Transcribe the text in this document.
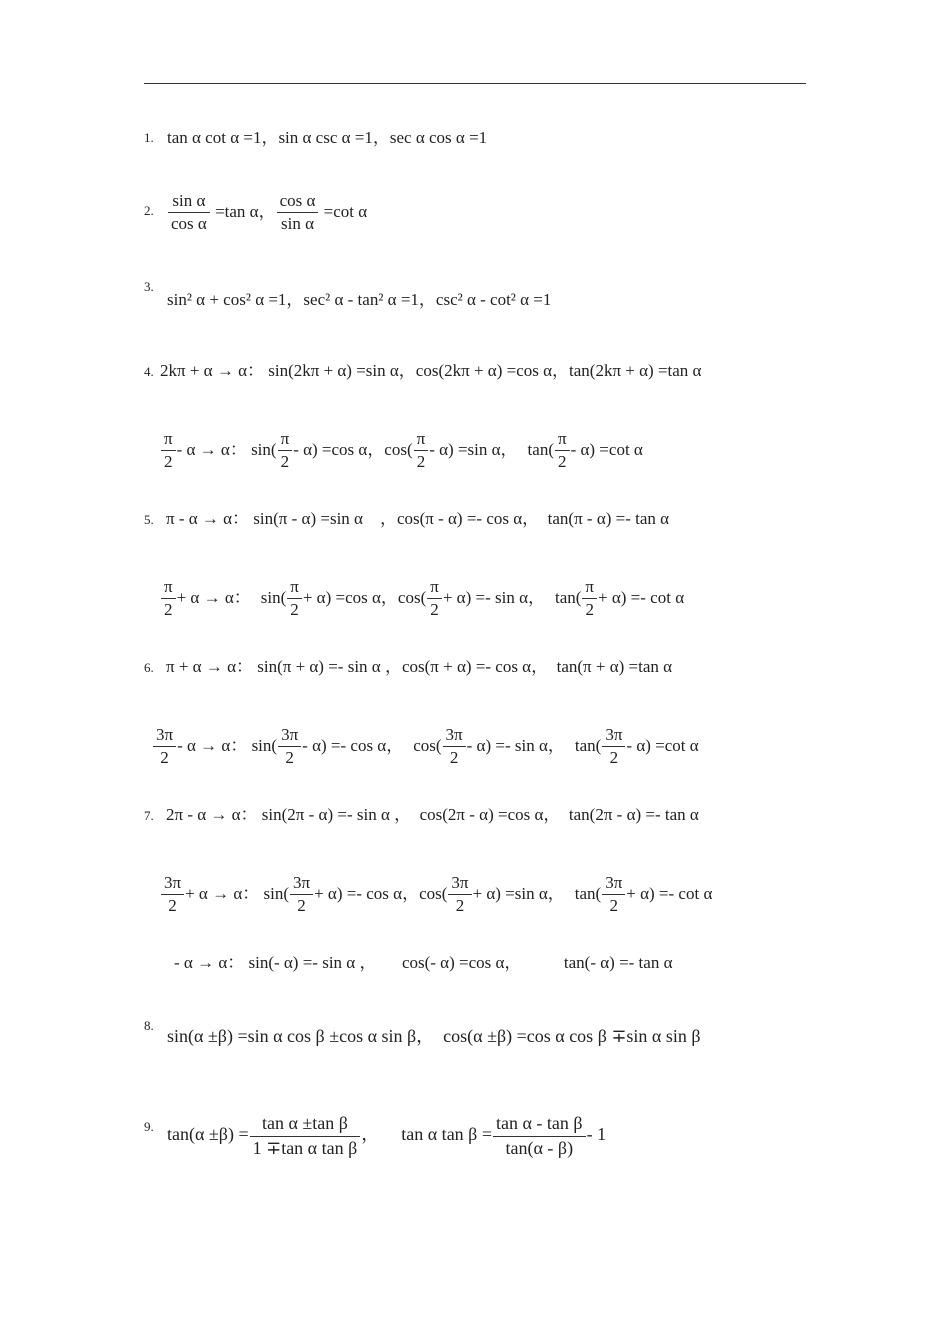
1. tan α cot α =1，sin α csc α =1，sec α cos α =1
2. $\frac{\text{sin α}}{\text{cos α}} =\tan$ α， $\frac{\text{cos α}}{\text{sin α}} =\cot$ α
3.
sin² α + cos² α =1，sec² α - tan² α =1，csc² α - cot² α =1
4. 2kπ + α → α： sin(2kπ + α) =sin α，cos(2kπ + α) =cos α，tan(2kπ + α) =tan α
$\frac{\pi}{2} - \alpha \to \alpha$： $\sin( \frac{\pi}{2} - \alpha) =\cos$ α，$\cos( \frac{\pi}{2} - \alpha) =\sin$ α， $\tan( \frac{\pi}{2} - \alpha) =\cot$ α
5. π - α → α： sin(π - α) =sin α　，cos(π - α) =- cos α，　tan(π - α) =- tan α
$\frac{\pi}{2} + \alpha \to \alpha$： $\sin( \frac{\pi}{2} + \alpha) =\cos$ α，$\cos( \frac{\pi}{2} + \alpha) =- \sin \alpha$， $\tan( \frac{\pi}{2} + \alpha) =- \cot \alpha$
6. π + α → α： sin(π + α) =- sin α ，cos(π + α) =- cos α，　tan(π + α) =tan α
$\frac{3\pi}{2} - \alpha \to \alpha$： $\sin( \frac{3\pi}{2} - \alpha) =- \cos \alpha$， $\cos( \frac{3\pi}{2} - \alpha) =- \sin \alpha$， $\tan( \frac{3\pi}{2} - \alpha) =\cot$ α
7. 2π - α → α： sin(2π - α) =- sin α ，　cos(2π - α) =cos α，　tan(2π - α) =- tan α
$\frac{3\pi}{2} + \alpha \to \alpha$： $\sin( \frac{3\pi}{2} + \alpha) =- \cos \alpha$，$\cos( \frac{3\pi}{2} + \alpha) =\sin$ α， $\tan( \frac{3\pi}{2} + \alpha) =- \cot \alpha$
- α → α： sin(- α) =- sin α ，　　cos(- α) =cos α，　　　tan(- α) =- tan α
8.
sin(α ±β) =sin α cos β ±cos α sin β，　cos(α ±β) =cos α cos β ∓sin α sin β
9. $\tan(\alpha \pm\beta) = \frac{\text{tan α ±tan β}}{\text{1 ∓tan α tan β}}$ ， tan α $\tan \beta = \frac{\text{tan α - tan β}}{\tan(\alpha - \beta)} - 1$
